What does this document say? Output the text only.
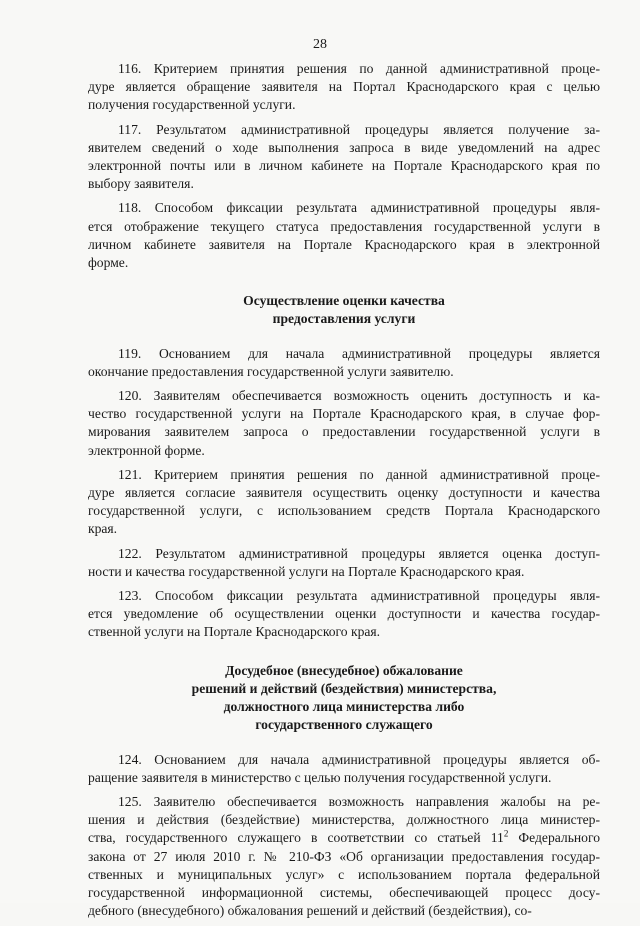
28
116. Критерием принятия решения по данной административной проце-
дуре является обращение заявителя на Портал Краснодарского края с целью
получения государственной услуги.
117. Результатом административной процедуры является получение за-
явителем сведений о ходе выполнения запроса в виде уведомлений на адрес
электронной почты или в личном кабинете на Портале Краснодарского края по
выбору заявителя.
118. Способом фиксации результата административной процедуры явля-
ется отображение текущего статуса предоставления государственной услуги в
личном кабинете заявителя на Портале Краснодарского края в электронной
форме.
Осуществление оценки качества
предоставления услуги
119. Основанием для начала административной процедуры является
окончание предоставления государственной услуги заявителю.
120. Заявителям обеспечивается возможность оценить доступность и ка-
чество государственной услуги на Портале Краснодарского края, в случае фор-
мирования заявителем запроса о предоставлении государственной услуги в
электронной форме.
121. Критерием принятия решения по данной административной проце-
дуре является согласие заявителя осуществить оценку доступности и качества
государственной услуги, с использованием средств Портала Краснодарского
края.
122. Результатом административной процедуры является оценка доступ-
ности и качества государственной услуги на Портале Краснодарского края.
123. Способом фиксации результата административной процедуры явля-
ется уведомление об осуществлении оценки доступности и качества государ-
ственной услуги на Портале Краснодарского края.
Досудебное (внесудебное) обжалование
решений и действий (бездействия) министерства,
должностного лица министерства либо
государственного служащего
124. Основанием для начала административной процедуры является об-
ращение заявителя в министерство с целью получения государственной услуги.
125. Заявителю обеспечивается возможность направления жалобы на ре-
шения и действия (бездействие) министерства, должностного лица министер-
ства, государственного служащего в соответствии со статьей $11^2$ Федерального
закона от 27 июля 2010 г. № 210-ФЗ «Об организации предоставления государ-
ственных и муниципальных услуг» с использованием портала федеральной
государственной информационной системы, обеспечивающей процесс досу-
дебного (внесудебного) обжалования решений и действий (бездействия), со-
